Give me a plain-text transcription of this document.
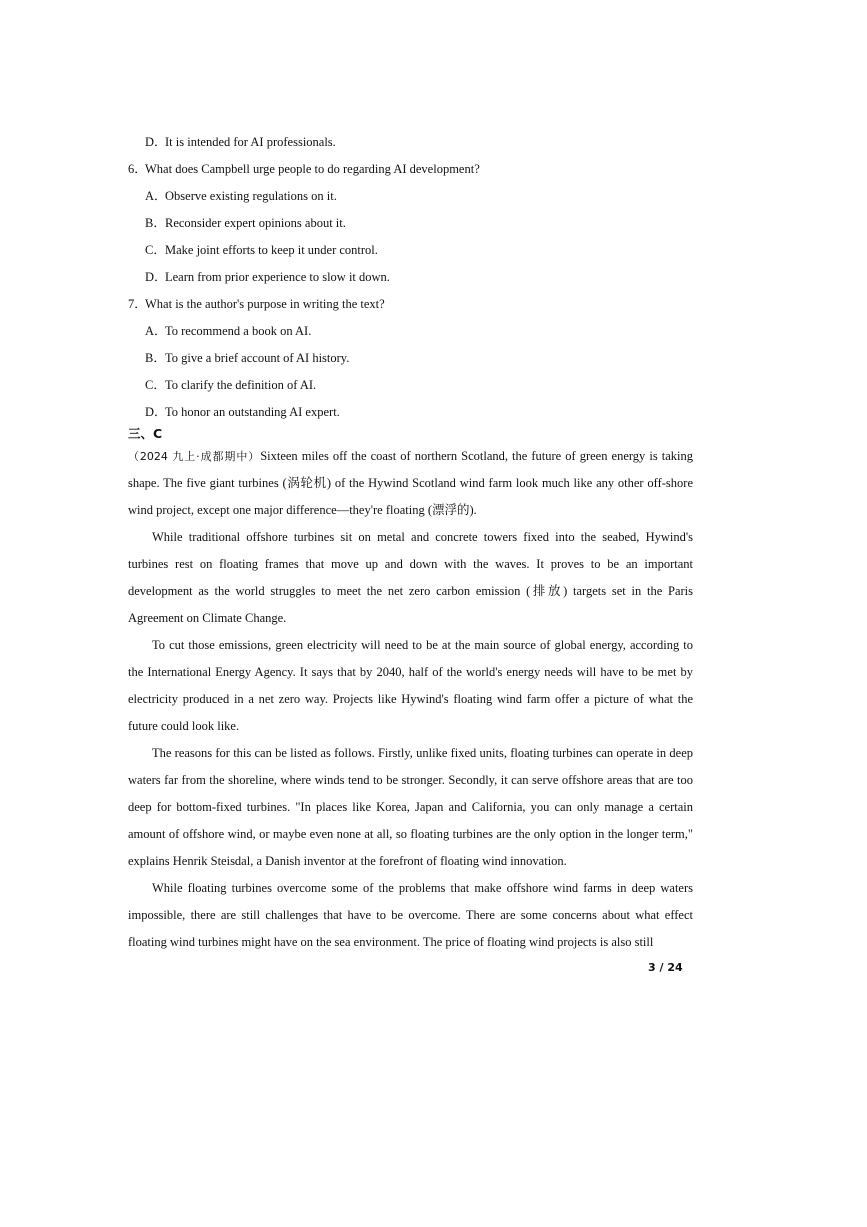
D．It is intended for AI professionals.
6．What does Campbell urge people to do regarding AI development?
A．Observe existing regulations on it.
B．Reconsider expert opinions about it.
C．Make joint efforts to keep it under control.
D．Learn from prior experience to slow it down.
7．What is the author's purpose in writing the text?
A．To recommend a book on AI.
B．To give a brief account of AI history.
C．To clarify the definition of AI.
D．To honor an outstanding AI expert.
三、C
（2024 九上·成都期中）Sixteen miles off the coast of northern Scotland, the future of green energy is taking shape. The five giant turbines (涡轮机) of the Hywind Scotland wind farm look much like any other off-shore wind project, except one major difference—they're floating (漂浮的).
While traditional offshore turbines sit on metal and concrete towers fixed into the seabed, Hywind's turbines rest on floating frames that move up and down with the waves. It proves to be an important development as the world struggles to meet the net zero carbon emission (排放) targets set in the Paris Agreement on Climate Change.
To cut those emissions, green electricity will need to be at the main source of global energy, according to the International Energy Agency. It says that by 2040, half of the world's energy needs will have to be met by electricity produced in a net zero way. Projects like Hywind's floating wind farm offer a picture of what the future could look like.
The reasons for this can be listed as follows. Firstly, unlike fixed units, floating turbines can operate in deep waters far from the shoreline, where winds tend to be stronger. Secondly, it can serve offshore areas that are too deep for bottom-fixed turbines. "In places like Korea, Japan and California, you can only manage a certain amount of offshore wind, or maybe even none at all, so floating turbines are the only option in the longer term," explains Henrik Steisdal, a Danish inventor at the forefront of floating wind innovation.
While floating turbines overcome some of the problems that make offshore wind farms in deep waters impossible, there are still challenges that have to be overcome. There are some concerns about what effect floating wind turbines might have on the sea environment. The price of floating wind projects is also still
3 / 24
